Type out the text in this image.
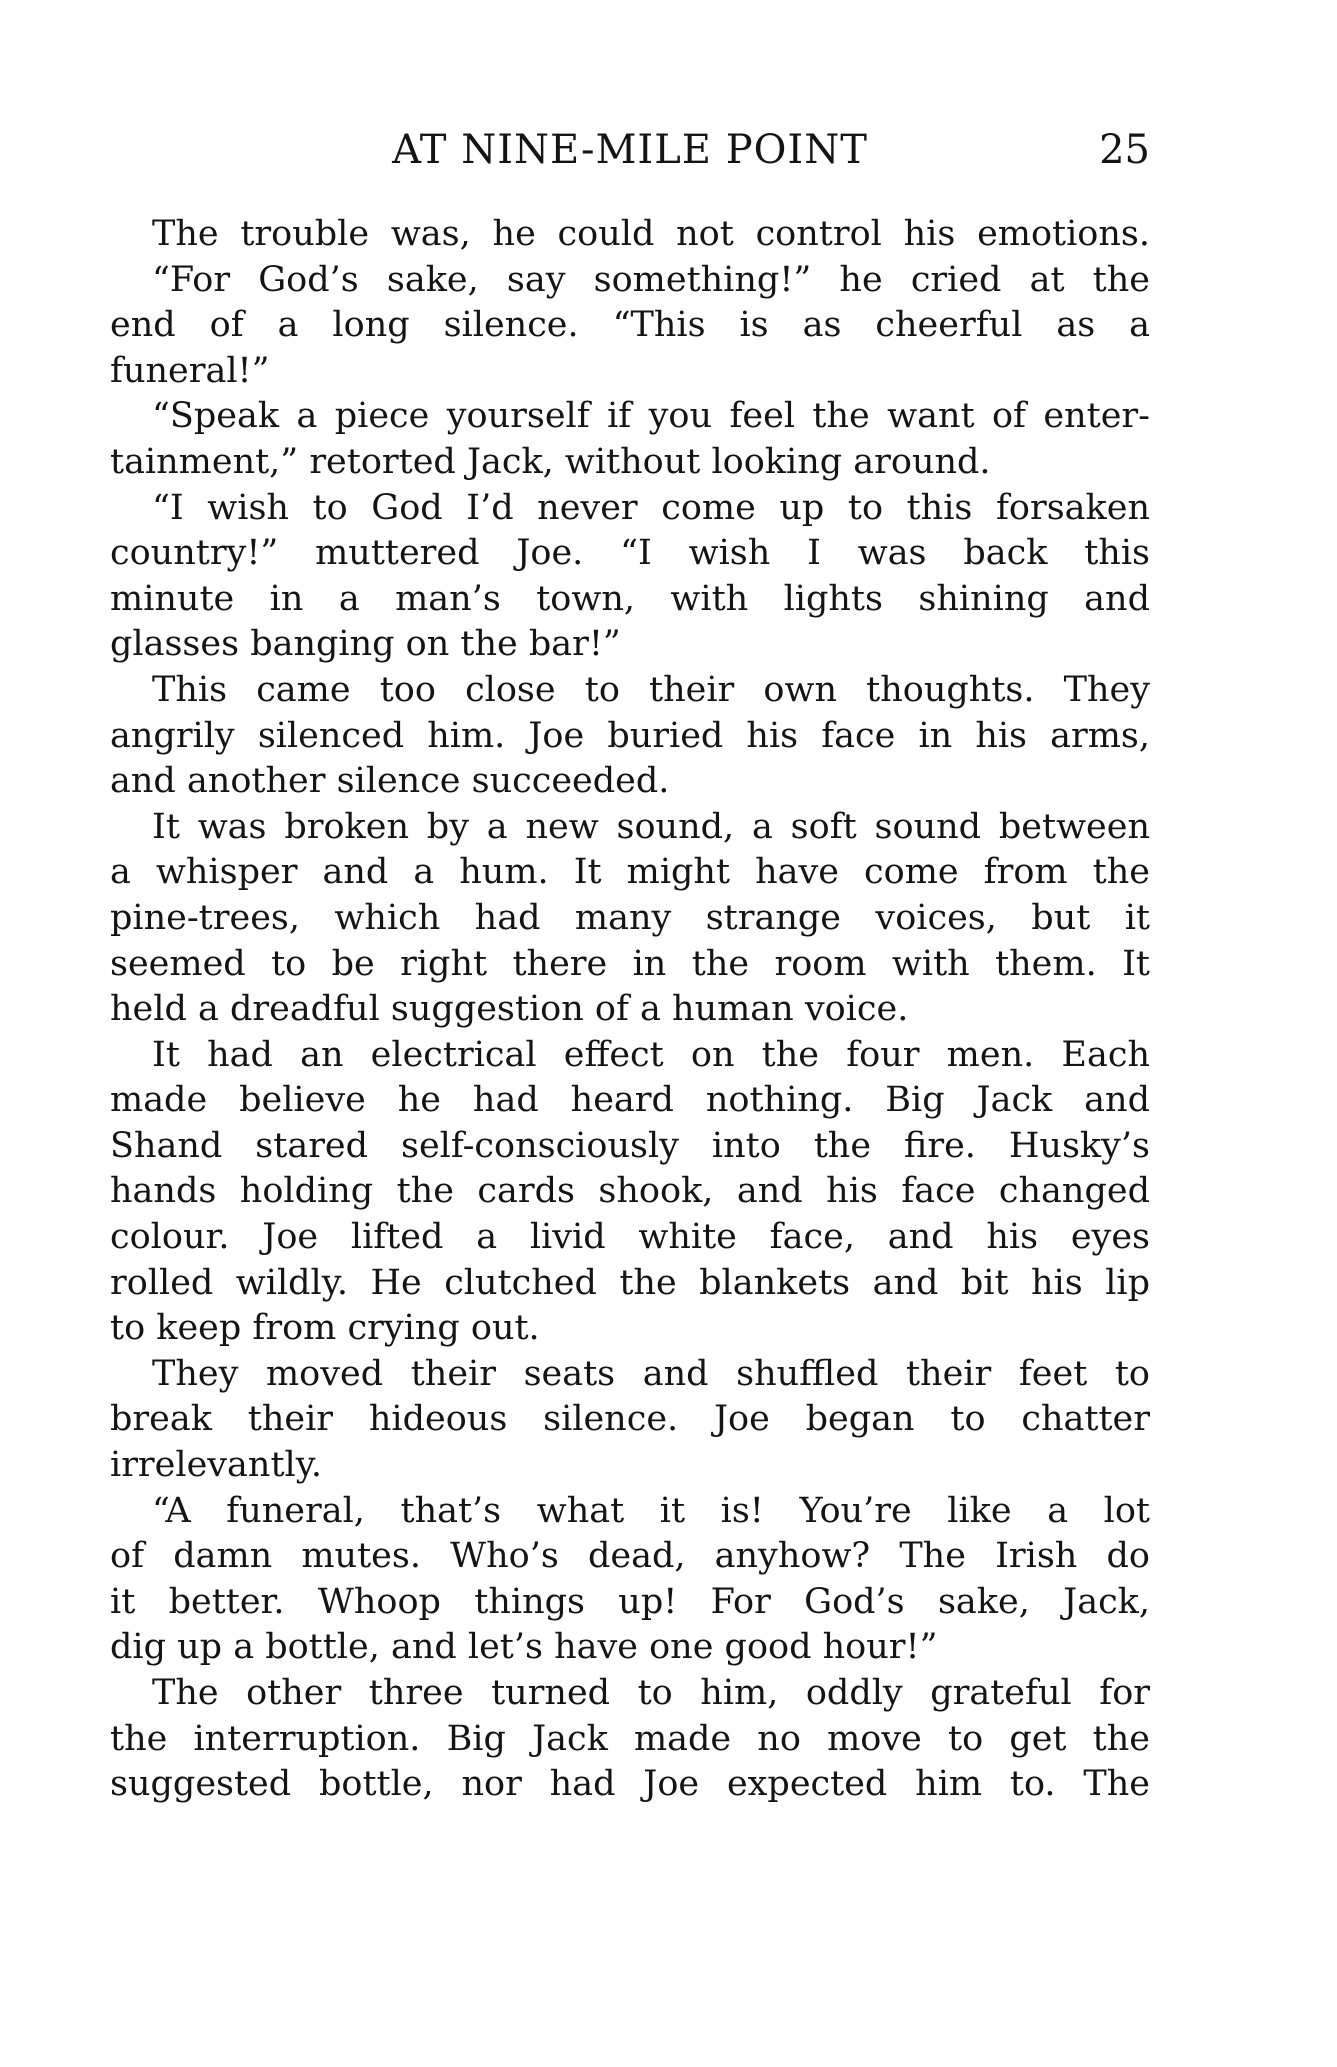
AT NINE-MILE POINT	25
The trouble was, he could not control his emotions.
“For God’s sake, say something!” he cried at the
end of a long silence. “This is as cheerful as a
funeral!”
“Speak a piece yourself if you feel the want of enter-
tainment,” retorted Jack, without looking around.
“I wish to God I’d never come up to this forsaken
country!” muttered Joe. “I wish I was back this
minute in a man’s town, with lights shining and
glasses banging on the bar!”
This came too close to their own thoughts. They
angrily silenced him. Joe buried his face in his arms,
and another silence succeeded.
It was broken by a new sound, a soft sound between
a whisper and a hum. It might have come from the
pine-trees, which had many strange voices, but it
seemed to be right there in the room with them. It
held a dreadful suggestion of a human voice.
It had an electrical effect on the four men. Each
made believe he had heard nothing. Big Jack and
Shand stared self-consciously into the fire. Husky’s
hands holding the cards shook, and his face changed
colour. Joe lifted a livid white face, and his eyes
rolled wildly. He clutched the blankets and bit his lip
to keep from crying out.
They moved their seats and shuffled their feet to
break their hideous silence. Joe began to chatter
irrelevantly.
“A funeral, that’s what it is! You’re like a lot
of damn mutes. Who’s dead, anyhow? The Irish do
it better. Whoop things up! For God’s sake, Jack,
dig up a bottle, and let’s have one good hour!”
The other three turned to him, oddly grateful for
the interruption. Big Jack made no move to get the
suggested bottle, nor had Joe expected him to. The
